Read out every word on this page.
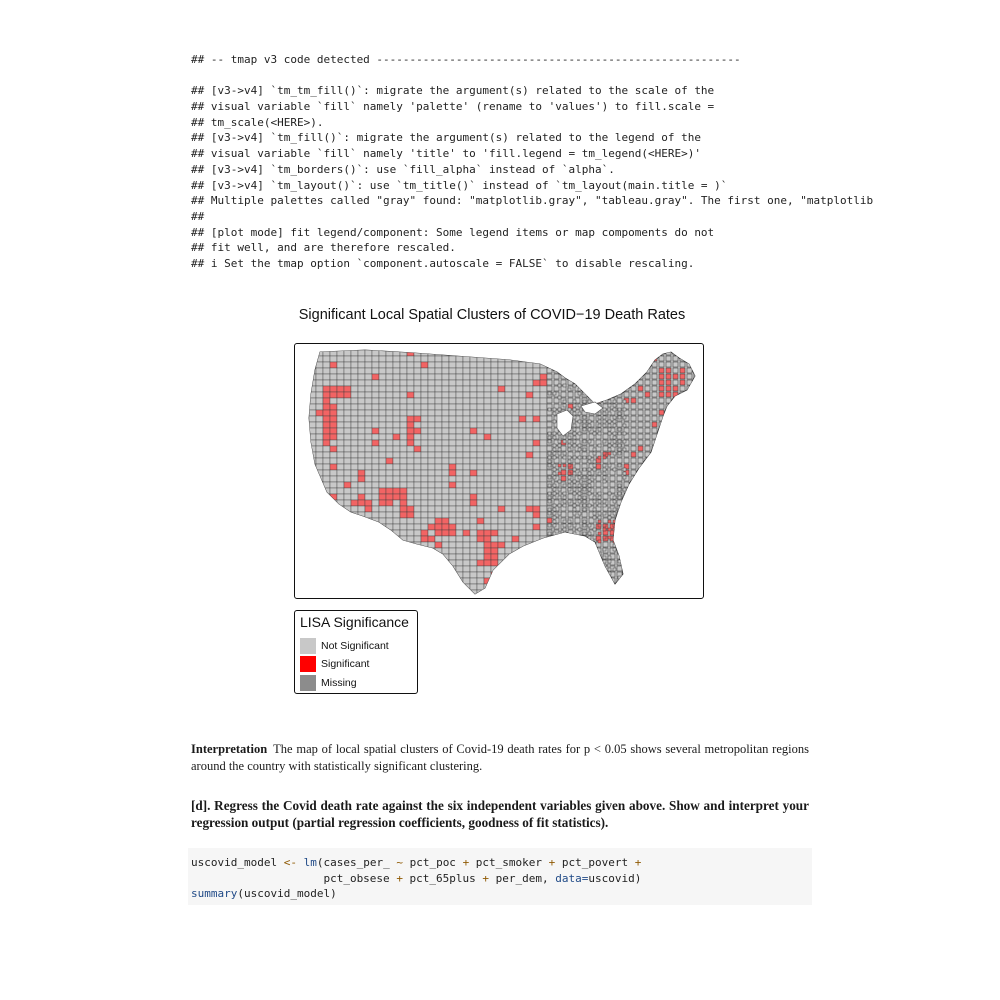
## -- tmap v3 code detected -------------------------------------------------------
## [v3->v4] `tm_tm_fill()`: migrate the argument(s) related to the scale of the
## visual variable `fill` namely 'palette' (rename to 'values') to fill.scale =
## tm_scale(<HERE>).
## [v3->v4] `tm_fill()`: migrate the argument(s) related to the legend of the
## visual variable `fill` namely 'title' to 'fill.legend = tm_legend(<HERE>)'
## [v3->v4] `tm_borders()`: use `fill_alpha` instead of `alpha`.
## [v3->v4] `tm_layout()`: use `tm_title()` instead of `tm_layout(main.title = )`
## Multiple palettes called "gray" found: "matplotlib.gray", "tableau.gray". The first one, "matplotlib
##
## [plot mode] fit legend/component: Some legend items or map compoments do not
## fit well, and are therefore rescaled.
## i Set the tmap option `component.autoscale = FALSE` to disable rescaling.
Significant Local Spatial Clusters of COVID−19 Death Rates
LISA Significance
Not Significant
Significant
Missing

Interpretation The map of local spatial clusters of Covid-19 death rates for p < 0.05 shows several metropolitan regions around the country with statistically significant clustering.

[d]. Regress the Covid death rate against the six independent variables given above. Show and interpret your regression output (partial regression coefficients, goodness of fit statistics).

uscovid_model <- lm(cases_per_ ~ pct_poc + pct_smoker + pct_povert +
pct_obsese + pct_65plus + per_dem, data=uscovid)
summary(uscovid_model)
